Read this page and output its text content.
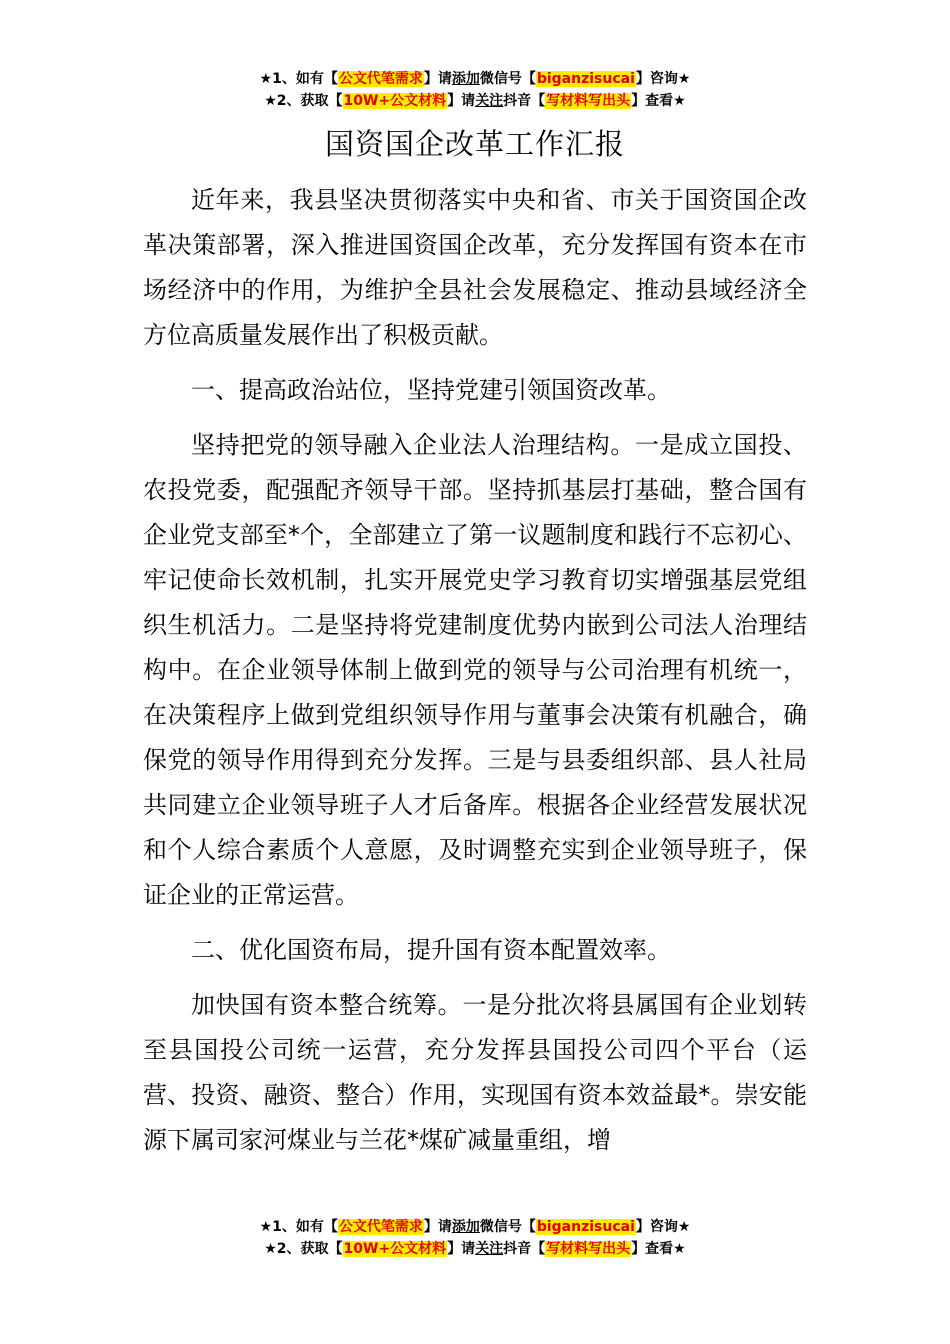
★1、如有【公文代笔需求】请添加微信号【biganzisucai】咨询★
★2、获取【10W+公文材料】请关注抖音【写材料写出头】查看★
国资国企改革工作汇报

近年来，我县坚决贯彻落实中央和省、市关于国资国企改革决策部署，深入推进国资国企改革，充分发挥国有资本在市场经济中的作用，为维护全县社会发展稳定、推动县域经济全方位高质量发展作出了积极贡献。

一、提高政治站位，坚持党建引领国资改革。

坚持把党的领导融入企业法人治理结构。一是成立国投、农投党委，配强配齐领导干部。坚持抓基层打基础，整合国有企业党支部至*个，全部建立了第一议题制度和践行不忘初心、牢记使命长效机制，扎实开展党史学习教育切实增强基层党组织生机活力。二是坚持将党建制度优势内嵌到公司法人治理结构中。在企业领导体制上做到党的领导与公司治理有机统一，在决策程序上做到党组织领导作用与董事会决策有机融合，确保党的领导作用得到充分发挥。三是与县委组织部、县人社局共同建立企业领导班子人才后备库。根据各企业经营发展状况和个人综合素质个人意愿，及时调整充实到企业领导班子，保证企业的正常运营。

二、优化国资布局，提升国有资本配置效率。

加快国有资本整合统筹。一是分批次将县属国有企业划转至县国投公司统一运营，充分发挥县国投公司四个平台（运营、投资、融资、整合）作用，实现国有资本效益最*。崇安能源下属司家河煤业与兰花*煤矿减量重组，增

★1、如有【公文代笔需求】请添加微信号【biganzisucai】咨询★
★2、获取【10W+公文材料】请关注抖音【写材料写出头】查看★
